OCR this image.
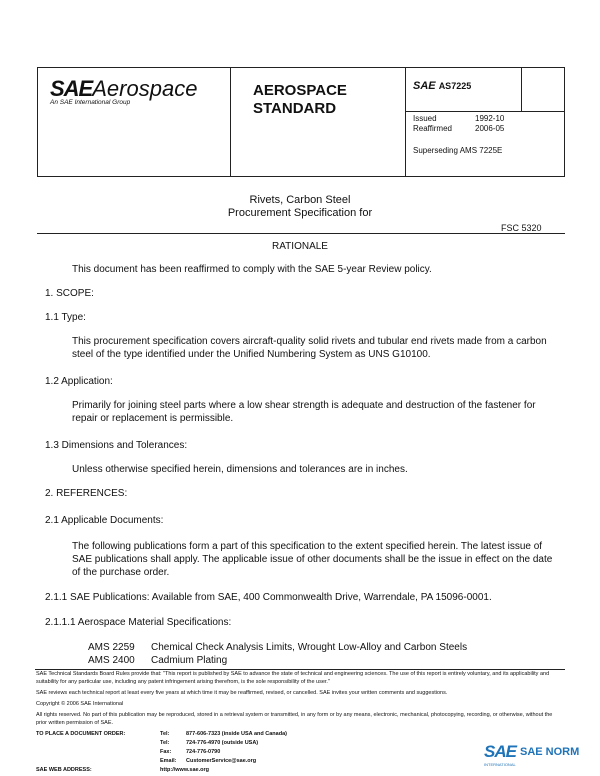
SAEAerospace
An SAE International Group
AEROSPACE
STANDARD
SAE AS7225
Issued	1992-10
Reaffirmed	2006-05
Superseding AMS 7225E
Rivets, Carbon Steel
Procurement Specification for
FSC 5320
RATIONALE
This document has been reaffirmed to comply with the SAE 5-year Review policy.
1. SCOPE:
1.1 Type:
This procurement specification covers aircraft-quality solid rivets and tubular end rivets made from a carbon steel of the type identified under the Unified Numbering System as UNS G10100.
1.2 Application:
Primarily for joining steel parts where a low shear strength is adequate and destruction of the fastener for repair or replacement is permissible.
1.3 Dimensions and Tolerances:
Unless otherwise specified herein, dimensions and tolerances are in inches.
2. REFERENCES:
2.1 Applicable Documents:
The following publications form a part of this specification to the extent specified herein. The latest issue of SAE publications shall apply. The applicable issue of other documents shall be the issue in effect on the date of the purchase order.
2.1.1 SAE Publications: Available from SAE, 400 Commonwealth Drive, Warrendale, PA 15096-0001.
2.1.1.1 Aerospace Material Specifications:
AMS 2259 Chemical Check Analysis Limits, Wrought Low-Alloy and Carbon Steels
AMS 2400 Cadmium Plating
SAE Technical Standards Board Rules provide that: "This report is published by SAE to advance the state of technical and engineering sciences. The use of this report is entirely voluntary, and its applicability and suitability for any particular use, including any patent infringement arising therefrom, is the sole responsibility of the user."
SAE reviews each technical report at least every five years at which time it may be reaffirmed, revised, or cancelled. SAE invites your written comments and suggestions.
Copyright © 2006 SAE International
All rights reserved. No part of this publication may be reproduced, stored in a retrieval system or transmitted, in any form or by any means, electronic, mechanical, photocopying, recording, or otherwise, without the prior written permission of SAE.
TO PLACE A DOCUMENT ORDER:	Tel:	877-606-7323 (inside USA and Canada)
Tel:	724-776-4970 (outside USA)
Fax:	724-776-0790
Email: CustomerService@sae.org
SAE WEB ADDRESS:	http://www.sae.org
SAE SAE NORM
INTERNATIONAL
